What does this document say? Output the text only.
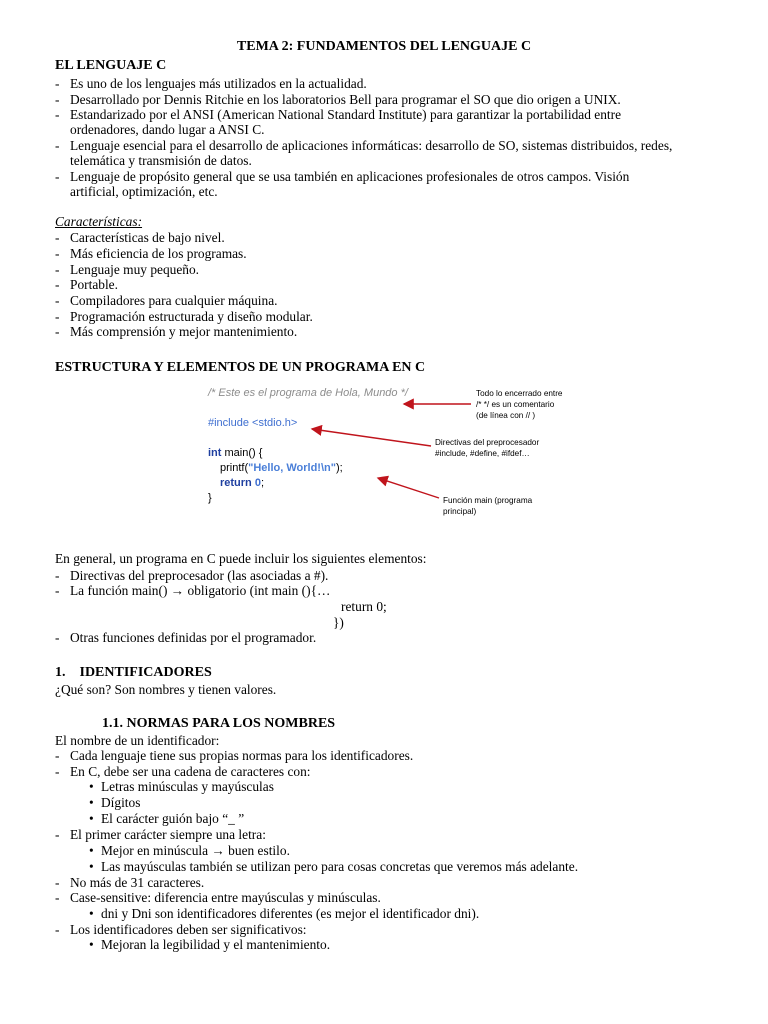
TEMA 2: FUNDAMENTOS DEL LENGUAJE C
EL LENGUAJE C
- Es uno de los lenguajes más utilizados en la actualidad.
- Desarrollado por Dennis Ritchie en los laboratorios Bell para programar el SO que dio origen a UNIX.
- Estandarizado por el ANSI (American National Standard Institute) para garantizar la portabilidad entre
ordenadores, dando lugar a ANSI C.
- Lenguaje esencial para el desarrollo de aplicaciones informáticas: desarrollo de SO, sistemas distribuidos, redes,
telemática y transmisión de datos.
- Lenguaje de propósito general que se usa también en aplicaciones profesionales de otros campos. Visión
artificial, optimización, etc.
Características:
- Características de bajo nivel.
- Más eficiencia de los programas.
- Lenguaje muy pequeño.
- Portable.
- Compiladores para cualquier máquina.
- Programación estructurada y diseño modular.
- Más comprensión y mejor mantenimiento.
ESTRUCTURA Y ELEMENTOS DE UN PROGRAMA EN C
/* Este es el programa de Hola, Mundo */
#include <stdio.h>
int main() {
printf("Hello, World!\n");
return 0;
}
Todo lo encerrado entre
/* */ es un comentario
(de línea con // )
Directivas del preprocesador
#include, #define, #ifdef…
Función main (programa
principal)
En general, un programa en C puede incluir los siguientes elementos:
- Directivas del preprocesador (las asociadas a #).
- La función main() → obligatorio (int main (){…
return 0;
})
- Otras funciones definidas por el programador.
1.    IDENTIFICADORES
¿Qué son? Son nombres y tienen valores.
1.1. NORMAS PARA LOS NOMBRES
El nombre de un identificador:
- Cada lenguaje tiene sus propias normas para los identificadores.
- En C, debe ser una cadena de caracteres con:
• Letras minúsculas y mayúsculas
• Dígitos
• El carácter guión bajo “_ ”
- El primer carácter siempre una letra:
• Mejor en minúscula → buen estilo.
• Las mayúsculas también se utilizan pero para cosas concretas que veremos más adelante.
- No más de 31 caracteres.
- Case-sensitive: diferencia entre mayúsculas y minúsculas.
• dni y Dni son identificadores diferentes (es mejor el identificador dni).
- Los identificadores deben ser significativos:
• Mejoran la legibilidad y el mantenimiento.
